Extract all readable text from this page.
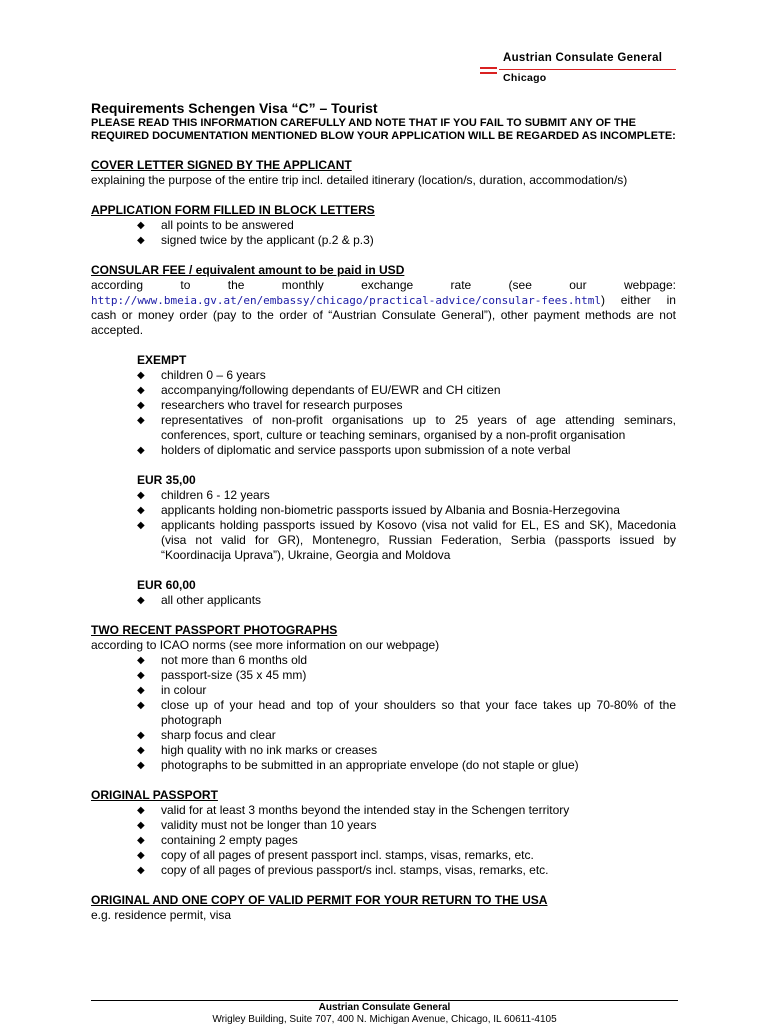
Austrian Consulate General
Chicago
Requirements Schengen Visa “C” – Tourist
PLEASE READ THIS INFORMATION CAREFULLY AND NOTE THAT IF YOU FAIL TO SUBMIT ANY OF THE REQUIRED DOCUMENTATION MENTIONED BLOW YOUR APPLICATION WILL BE REGARDED AS INCOMPLETE:
COVER LETTER SIGNED BY THE APPLICANT

explaining the purpose of the entire trip incl. detailed itinerary (location/s, duration, accommodation/s)

APPLICATION FORM FILLED IN BLOCK LETTERS
◆ all points to be answered
◆ signed twice by the applicant (p.2 & p.3)
CONSULAR FEE / equivalent amount to be paid in USD

according to the monthly exchange rate (see our webpage:

http://www.bmeia.gv.at/en/embassy/chicago/practical-advice/consular-fees.html) either in cash or money order (pay to the order of “Austrian Consulate General”), other payment methods are not accepted.

EXEMPT
◆ children 0 – 6 years
◆ accompanying/following dependants of EU/EWR and CH citizen
◆ researchers who travel for research purposes
◆ representatives of non-profit organisations up to 25 years of age attending seminars, conferences, sport, culture or teaching seminars, organised by a non-profit organisation
◆ holders of diplomatic and service passports upon submission of a note verbal
EUR 35,00
◆ children 6 - 12 years
◆ applicants holding non-biometric passports issued by Albania and Bosnia-Herzegovina
◆ applicants holding passports issued by Kosovo (visa not valid for EL, ES and SK), Macedonia (visa not valid for GR), Montenegro, Russian Federation, Serbia (passports issued by “Koordinacija Uprava”), Ukraine, Georgia and Moldova
EUR 60,00
◆ all other applicants
TWO RECENT PASSPORT PHOTOGRAPHS

according to ICAO norms (see more information on our webpage)

◆ not more than 6 months old
◆ passport-size (35 x 45 mm)
◆ in colour
◆ close up of your head and top of your shoulders so that your face takes up 70-80% of the photograph
◆ sharp focus and clear
◆ high quality with no ink marks or creases
◆ photographs to be submitted in an appropriate envelope (do not staple or glue)
ORIGINAL PASSPORT
◆ valid for at least 3 months beyond the intended stay in the Schengen territory
◆ validity must not be longer than 10 years
◆ containing 2 empty pages
◆ copy of all pages of present passport incl. stamps, visas, remarks, etc.
◆ copy of all pages of previous passport/s incl. stamps, visas, remarks, etc.
ORIGINAL AND ONE COPY OF VALID PERMIT FOR YOUR RETURN TO THE USA

e.g. residence permit, visa

Austrian Consulate General
Wrigley Building, Suite 707, 400 N. Michigan Avenue, Chicago, IL 60611-4105
